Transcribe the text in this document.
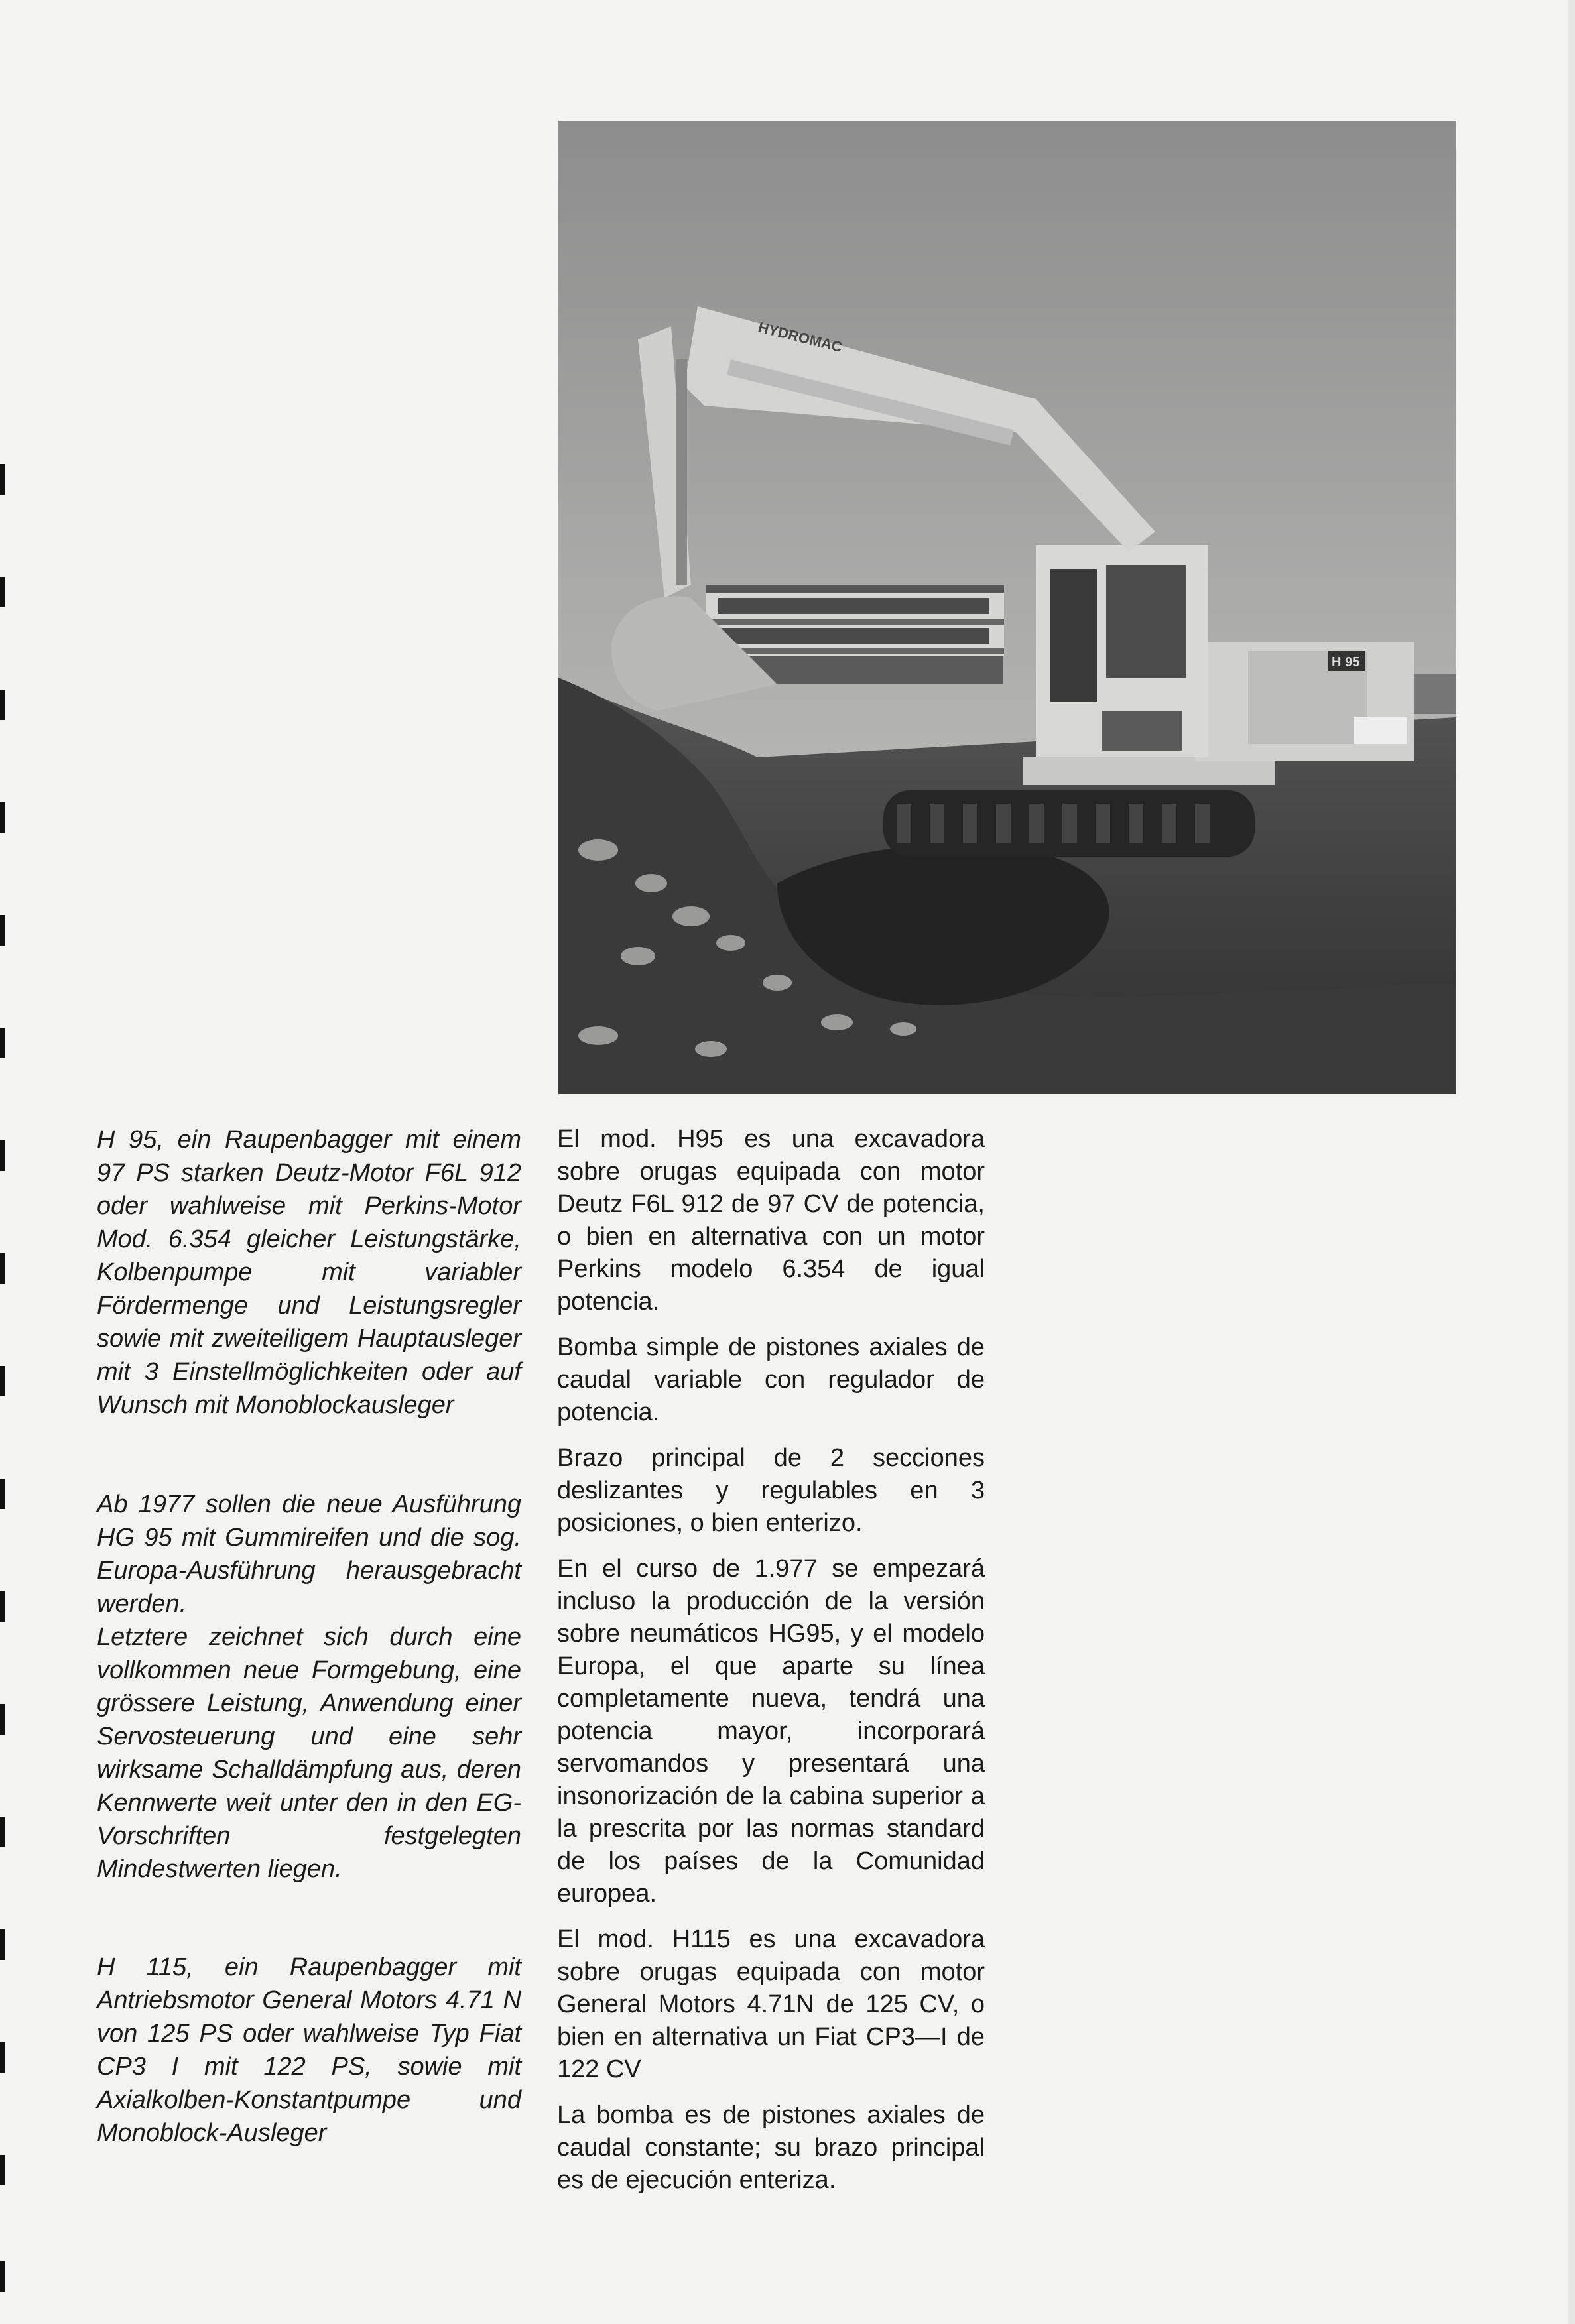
HYDROMAC
H 95

H 95, ein Raupenbagger mit einem 97 PS starken Deutz-Motor F6L 912 oder wahlweise mit Perkins-Motor Mod. 6.354 gleicher Leistungstärke, Kolbenpumpe mit variabler Fördermenge und Leistungsregler sowie mit zweiteiligem Hauptausleger mit 3 Einstellmöglichkeiten oder auf Wunsch mit Monoblockausleger

Ab 1977 sollen die neue Ausführung HG 95 mit Gummireifen und die sog. Europa-Ausführung herausgebracht werden.

Letztere zeichnet sich durch eine vollkommen neue Formgebung, eine grössere Leistung, Anwendung einer Servosteuerung und eine sehr wirksame Schalldämpfung aus, deren Kennwerte weit unter den in den EG-Vorschriften festgelegten Mindestwerten liegen.

H 115, ein Raupenbagger mit Antriebsmotor General Motors 4.71 N von 125 PS oder wahlweise Typ Fiat CP3 I mit 122 PS, sowie mit Axialkolben-Konstantpumpe und Monoblock-Ausleger

El mod. H95 es una excavadora sobre orugas equipada con motor Deutz F6L 912 de 97 CV de potencia, o bien en alternativa con un motor Perkins modelo 6.354 de igual potencia.

Bomba simple de pistones axiales de caudal variable con regulador de potencia.

Brazo principal de 2 secciones deslizantes y regulables en 3 posiciones, o bien enterizo.

En el curso de 1.977 se empezará incluso la producción de la versión sobre neumáticos HG95, y el modelo Europa, el que aparte su línea completamente nueva, tendrá una potencia mayor, incorporará servomandos y presentará una insonorización de la cabina superior a la prescrita por las normas standard de los países de la Comunidad europea.

El mod. H115 es una excavadora sobre orugas equipada con motor General Motors 4.71N de 125 CV, o bien en alternativa un Fiat CP3—I de 122 CV

La bomba es de pistones axiales de caudal constante; su brazo principal es de ejecución enteriza.
